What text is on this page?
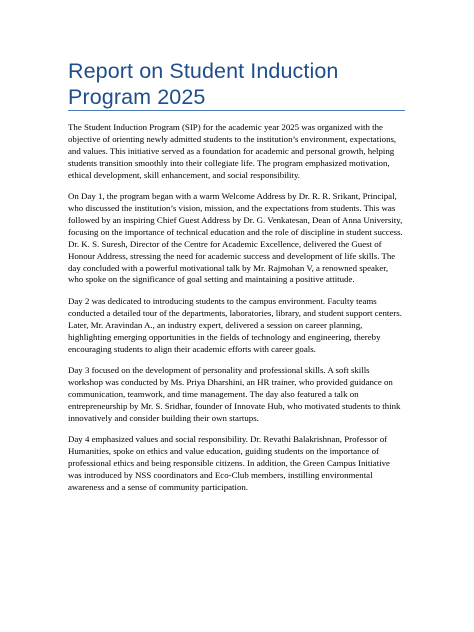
Report on Student Induction Program 2025

The Student Induction Program (SIP) for the academic year 2025 was organized with the objective of orienting newly admitted students to the institution’s environment, expectations, and values. This initiative served as a foundation for academic and personal growth, helping students transition smoothly into their collegiate life. The program emphasized motivation, ethical development, skill enhancement, and social responsibility.

On Day 1, the program began with a warm Welcome Address by Dr. R. R. Srikant, Principal, who discussed the institution’s vision, mission, and the expectations from students. This was followed by an inspiring Chief Guest Address by Dr. G. Venkatesan, Dean of Anna University, focusing on the importance of technical education and the role of discipline in student success. Dr. K. S. Suresh, Director of the Centre for Academic Excellence, delivered the Guest of Honour Address, stressing the need for academic success and development of life skills. The day concluded with a powerful motivational talk by Mr. Rajmohan V, a renowned speaker, who spoke on the significance of goal setting and maintaining a positive attitude.

Day 2 was dedicated to introducing students to the campus environment. Faculty teams conducted a detailed tour of the departments, laboratories, library, and student support centers. Later, Mr. Aravindan A., an industry expert, delivered a session on career planning, highlighting emerging opportunities in the fields of technology and engineering, thereby encouraging students to align their academic efforts with career goals.

Day 3 focused on the development of personality and professional skills. A soft skills workshop was conducted by Ms. Priya Dharshini, an HR trainer, who provided guidance on communication, teamwork, and time management. The day also featured a talk on entrepreneurship by Mr. S. Sridhar, founder of Innovate Hub, who motivated students to think innovatively and consider building their own startups.

Day 4 emphasized values and social responsibility. Dr. Revathi Balakrishnan, Professor of Humanities, spoke on ethics and value education, guiding students on the importance of professional ethics and being responsible citizens. In addition, the Green Campus Initiative was introduced by NSS coordinators and Eco-Club members, instilling environmental awareness and a sense of community participation.
